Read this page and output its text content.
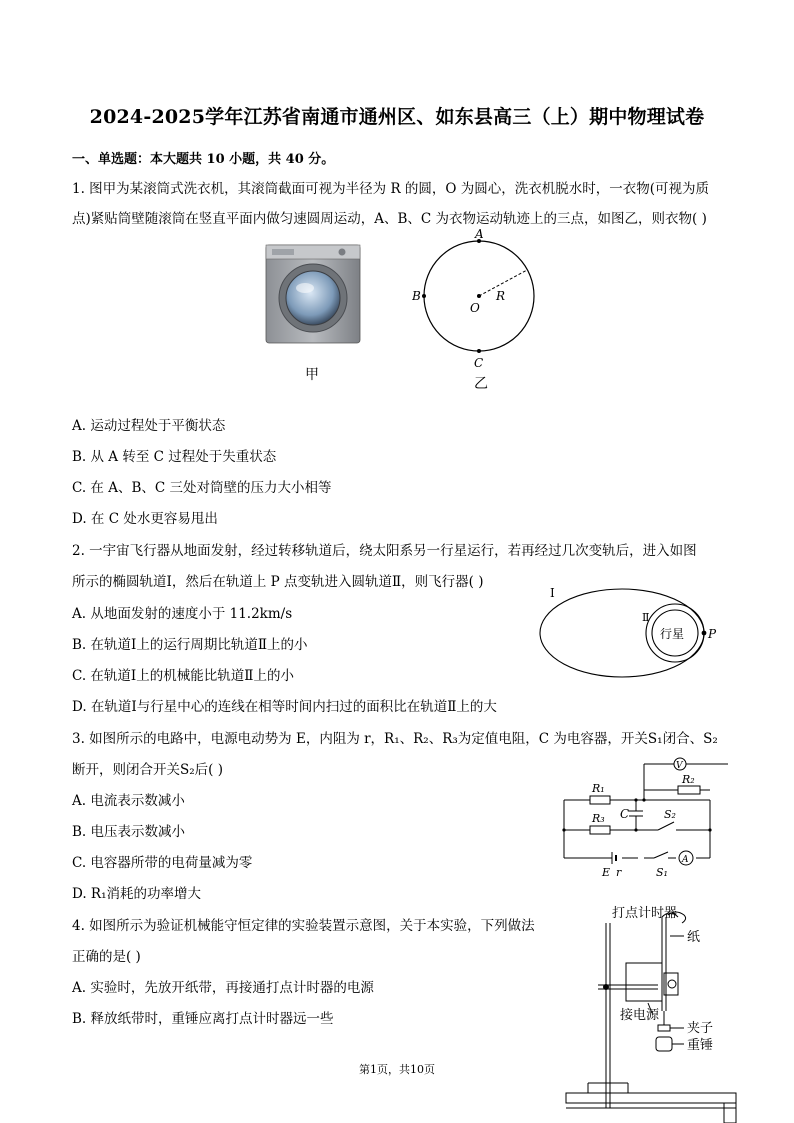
2024-2025学年江苏省南通市通州区、如东县高三（上）期中物理试卷
一、单选题：本大题共 10 小题，共 40 分。
1. 图甲为某滚筒式洗衣机，其滚筒截面可视为半径为 R 的圆，O 为圆心，洗衣机脱水时，一衣物(可视为质
点)紧贴筒壁随滚筒在竖直平面内做匀速圆周运动，A、B、C 为衣物运动轨迹上的三点，如图乙，则衣物( )
甲
A
B
C
O
R
乙
A. 运动过程处于平衡状态
B. 从 A 转至 C 过程处于失重状态
C. 在 A、B、C 三处对筒壁的压力大小相等
D. 在 C 处水更容易甩出
2. 一宇宙飞行器从地面发射，经过转移轨道后，绕太阳系另一行星运行，若再经过几次变轨后，进入如图
所示的椭圆轨道Ⅰ，然后在轨道上 P 点变轨进入圆轨道Ⅱ，则飞行器( )
Ⅰ
Ⅱ
行星 P
A. 从地面发射的速度小于 11.2km/s
B. 在轨道Ⅰ上的运行周期比轨道Ⅱ上的小
C. 在轨道Ⅰ上的机械能比轨道Ⅱ上的小
D. 在轨道Ⅰ与行星中心的连线在相等时间内扫过的面积比在轨道Ⅱ上的大
3. 如图所示的电路中，电源电动势为 E，内阻为 r，R₁、R₂、R₃为定值电阻，C 为电容器，开关S₁闭合、S₂
断开，则闭合开关S₂后( )	V
A
R₁
R₂
R₃ C	S₂
E r	S₁
A. 电流表示数减小
B. 电压表示数减小
C. 电容器所带的电荷量减为零
D. R₁消耗的功率增大
4. 如图所示为验证机械能守恒定律的实验装置示意图，关于本实验，下列做法
正确的是( )
A. 实验时，先放开纸带，再接通打点计时器的电源
B. 释放纸带时，重锤应离打点计时器远一些
打点计时器
纸
接电源
夹子
重锤
第1页，共10页
